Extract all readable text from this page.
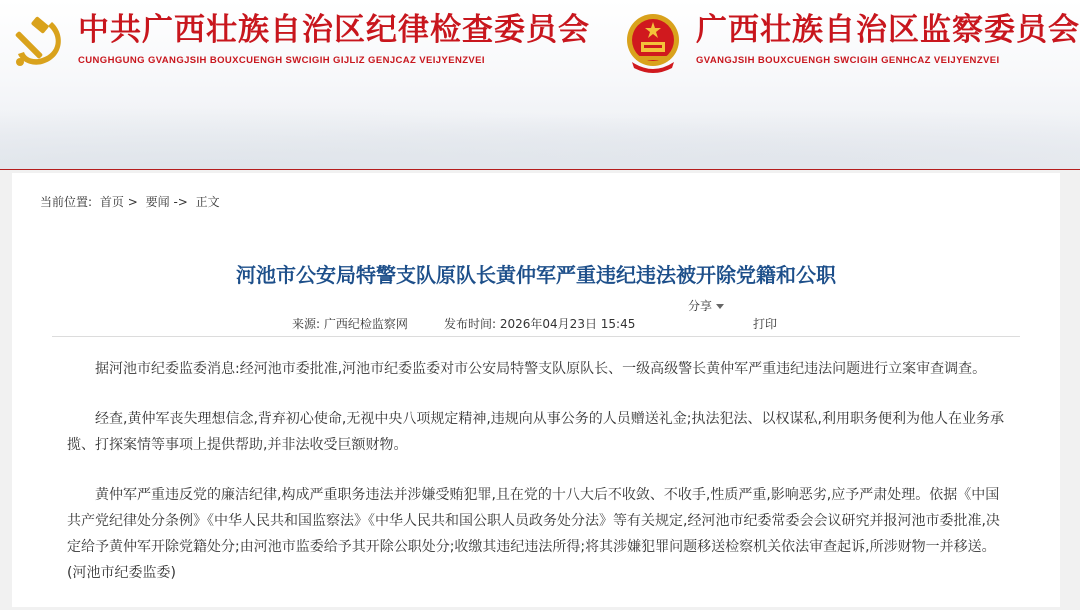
中共广西壮族自治区纪律检查委员会
CUNGHGUNG GVANGJSIH BOUXCUENGH SWCIGIH GIJLIZ GENJCAZ VEIJYENZVEI
广西壮族自治区监察委员会
GVANGJSIH BOUXCUENGH SWCIGIH GENHCAZ VEIJYENZVEI
当前位置: 首页 > 要闻 -> 正文
河池市公安局特警支队原队长黄仲军严重违纪违法被开除党籍和公职
分享
来源: 广西纪检监察网	发布时间: 2026年04月23日 15:45	打印

据河池市纪委监委消息:经河池市委批准,河池市纪委监委对市公安局特警支队原队长、一级高级警长黄仲军严重违纪违法问题进行立案审查调查。

经查,黄仲军丧失理想信念,背弃初心使命,无视中央八项规定精神,违规向从事公务的人员赠送礼金;执法犯法、以权谋私,利用职务便利为他人在业务承揽、打探案情等事项上提供帮助,并非法收受巨额财物。

黄仲军严重违反党的廉洁纪律,构成严重职务违法并涉嫌受贿犯罪,且在党的十八大后不收敛、不收手,性质严重,影响恶劣,应予严肃处理。依据《中国共产党纪律处分条例》《中华人民共和国监察法》《中华人民共和国公职人员政务处分法》等有关规定,经河池市纪委常委会会议研究并报河池市委批准,决定给予黄仲军开除党籍处分;由河池市监委给予其开除公职处分;收缴其违纪违法所得;将其涉嫌犯罪问题移送检察机关依法审查起诉,所涉财物一并移送。(河池市纪委监委)
